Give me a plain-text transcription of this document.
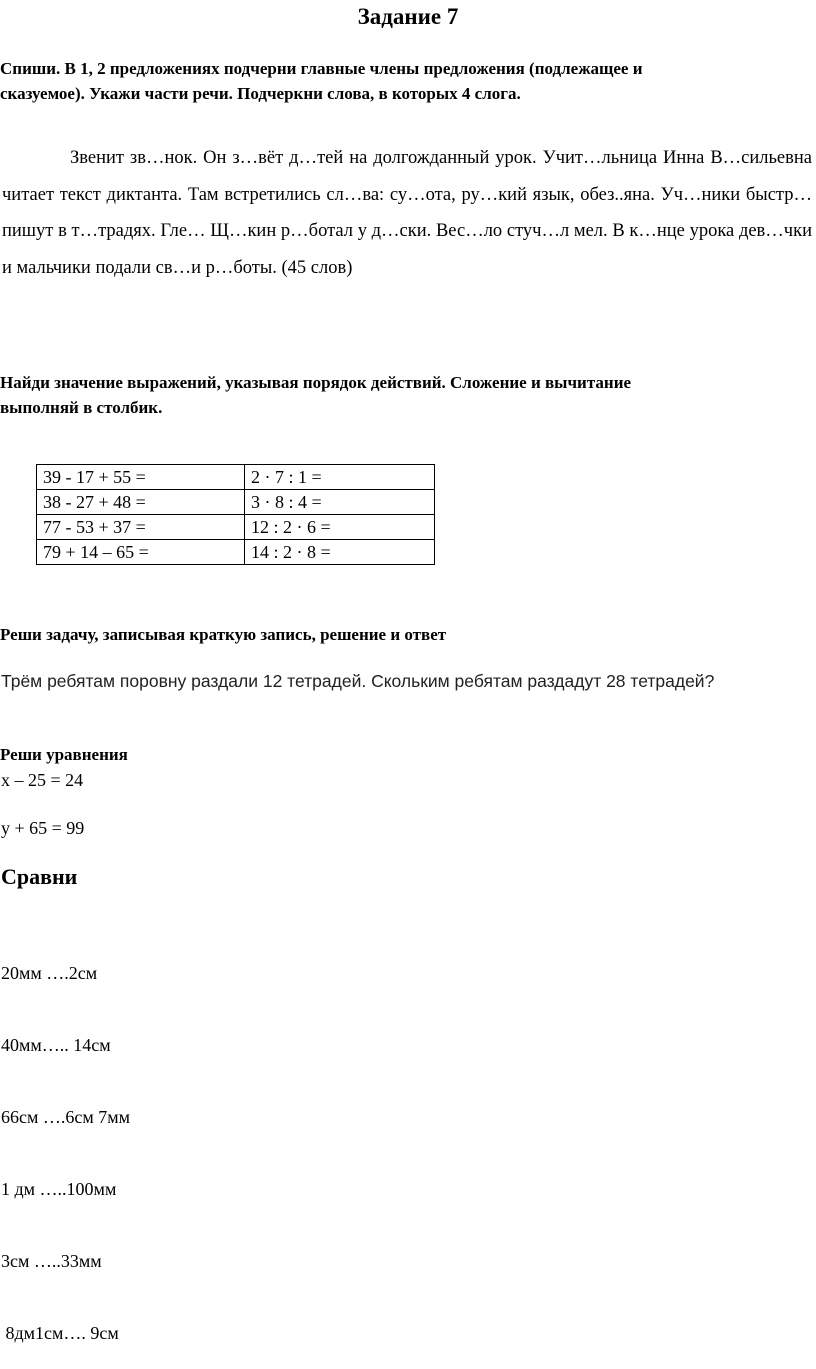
Задание 7
Спиши. В 1, 2 предложениях подчерни главные члены предложения (подлежащее и
сказуемое). Укажи части речи. Подчеркни слова, в которых 4 слога.
Звенит зв…нок. Он з…вёт д…тей на долгожданный урок. Учит…льница Инна В…сильевна читает текст диктанта. Там встретились сл…ва: су…ота, ру…кий язык, обез..яна. Уч…ники быстр… пишут в т…традях. Гле… Щ…кин р…ботал у д…ски. Вес…ло стуч…л мел. В к…нце урока дев…чки и мальчики подали св…и р…боты. (45 слов)
Найди значение выражений, указывая порядок действий. Сложение и вычитание
выполняй в столбик.
39 - 17 + 55 =	2 · 7 : 1 =
38 - 27 + 48 =	3 · 8 : 4 =
77 - 53 + 37 =	12 : 2 · 6 =
79 + 14 – 65 =	14 : 2 · 8 =
Реши задачу, записывая краткую запись, решение и ответ
Трём ребятам поровну раздали 12 тетрадей. Скольким ребятам раздадут 28 тетрадей?
Реши уравнения
х – 25 = 24
у + 65 = 99
Сравни

20мм ….2см

40мм….. 14см

66см ….6см 7мм

1 дм …..100мм

3см …..33мм

8дм1см…. 9см
